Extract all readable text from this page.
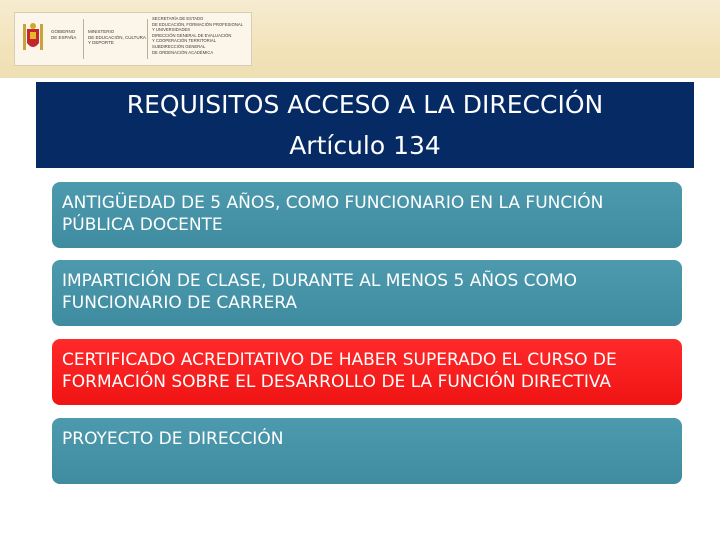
GOBIERNO
DE ESPAÑA
MINISTERIO
DE EDUCACIÓN, CULTURA
Y DEPORTE
SECRETARÍA DE ESTADO
DE EDUCACIÓN, FORMACIÓN PROFESIONAL
Y UNIVERSIDADES
DIRECCIÓN GENERAL DE EVALUACIÓN
Y COOPERACIÓN TERRITORIAL
SUBDIRECCIÓN GENERAL
DE ORDENACIÓN ACADÉMICA
REQUISITOS ACCESO A LA DIRECCIÓN
Artículo 134
ANTIGÜEDAD DE 5 AÑOS, COMO FUNCIONARIO EN LA FUNCIÓN PÚBLICA DOCENTE
IMPARTICIÓN DE CLASE, DURANTE AL MENOS 5 AÑOS COMO FUNCIONARIO DE CARRERA
CERTIFICADO ACREDITATIVO DE HABER SUPERADO EL CURSO DE FORMACIÓN SOBRE EL DESARROLLO DE LA FUNCIÓN DIRECTIVA
PROYECTO DE DIRECCIÓN
